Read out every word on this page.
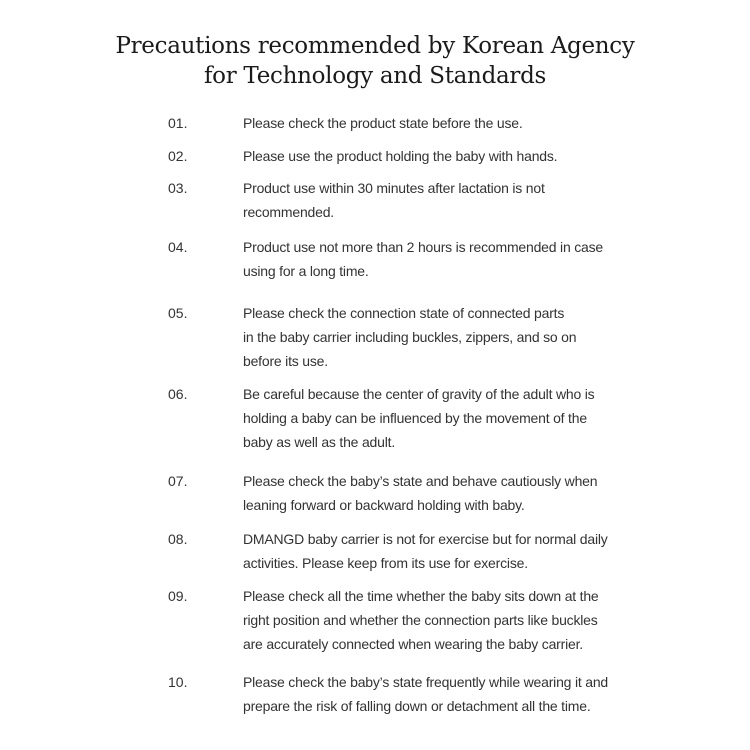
Precautions recommended by Korean Agency
for Technology and Standards
01.	Please check the product state before the use.
02.	Please use the product holding the baby with hands.
03.	Product use within 30 minutes after lactation is not
recommended.
04.	Product use not more than 2 hours is recommended in case
using for a long time.
05.	Please check the connection state of connected parts
in the baby carrier including buckles, zippers, and so on
before its use.
06.	Be careful because the center of gravity of the adult who is
holding a baby can be influenced by the movement of the
baby as well as the adult.
07.	Please check the baby’s state and behave cautiously when
leaning forward or backward holding with baby.
08.	DMANGD baby carrier is not for exercise but for normal daily
activities. Please keep from its use for exercise.
09.	Please check all the time whether the baby sits down at the
right position and whether the connection parts like buckles
are accurately connected when wearing the baby carrier.
10.	Please check the baby’s state frequently while wearing it and
prepare the risk of falling down or detachment all the time.
